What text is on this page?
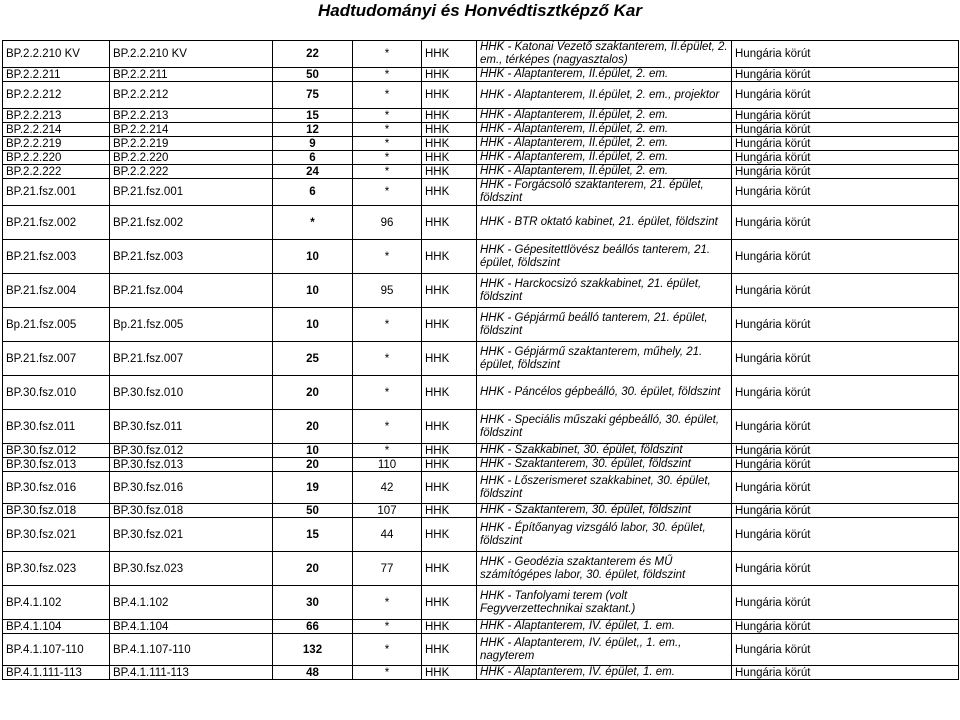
Hadtudományi és Honvédtisztképző Kar
BP.2.2.210 KV	BP.2.2.210 KV	22	*	HHK	HHK - Katonai Vezető szaktanterem, II.épület, 2. em., térképes (nagyasztalos)	Hungária körút
BP.2.2.211	BP.2.2.211	50	*	HHK	HHK - Alaptanterem, II.épület, 2. em.	Hungária körút
BP.2.2.212	BP.2.2.212	75	*	HHK	HHK - Alaptanterem, II.épület, 2. em., projektor	Hungária körút
BP.2.2.213	BP.2.2.213	15	*	HHK	HHK - Alaptanterem, II.épület, 2. em.	Hungária körút
BP.2.2.214	BP.2.2.214	12	*	HHK	HHK - Alaptanterem, II.épület, 2. em.	Hungária körút
BP.2.2.219	BP.2.2.219	9	*	HHK	HHK - Alaptanterem, II.épület, 2. em.	Hungária körút
BP.2.2.220	BP.2.2.220	6	*	HHK	HHK - Alaptanterem, II.épület, 2. em.	Hungária körút
BP.2.2.222	BP.2.2.222	24	*	HHK	HHK - Alaptanterem, II.épület, 2. em.	Hungária körút
BP.21.fsz.001	BP.21.fsz.001	6	*	HHK	HHK - Forgácsoló szaktanterem, 21. épület, földszint	Hungária körút
BP.21.fsz.002	BP.21.fsz.002	*	96	HHK	HHK - BTR oktató kabinet, 21. épület, földszint	Hungária körút
BP.21.fsz.003	BP.21.fsz.003	10	*	HHK	HHK - Gépesitettlövész beállós tanterem, 21. épület, földszint	Hungária körút
BP.21.fsz.004	BP.21.fsz.004	10	95	HHK	HHK - Harckocsizó szakkabinet, 21. épület, földszint	Hungária körút
Bp.21.fsz.005	Bp.21.fsz.005	10	*	HHK	HHK - Gépjármű beálló tanterem, 21. épület, földszint	Hungária körút
BP.21.fsz.007	BP.21.fsz.007	25	*	HHK	HHK - Gépjármű szaktanterem, műhely, 21. épület, földszint	Hungária körút
BP.30.fsz.010	BP.30.fsz.010	20	*	HHK	HHK - Páncélos gépbeálló, 30. épület, földszint	Hungária körút
BP.30.fsz.011	BP.30.fsz.011	20	*	HHK	HHK - Speciális műszaki gépbeálló, 30. épület, földszint	Hungária körút
BP.30.fsz.012	BP.30.fsz.012	10	*	HHK	HHK - Szakkabinet, 30. épület, földszint	Hungária körút
BP.30.fsz.013	BP.30.fsz.013	20	110	HHK	HHK - Szaktanterem, 30. épület, földszint	Hungária körút
BP.30.fsz.016	BP.30.fsz.016	19	42	HHK	HHK - Lőszerismeret szakkabinet, 30. épület, földszint	Hungária körút
BP.30.fsz.018	BP.30.fsz.018	50	107	HHK	HHK - Szaktanterem, 30. épület, földszint	Hungária körút
BP.30.fsz.021	BP.30.fsz.021	15	44	HHK	HHK - Építőanyag vizsgáló labor, 30. épület, földszint	Hungária körút
BP.30.fsz.023	BP.30.fsz.023	20	77	HHK	HHK - Geodézia szaktanterem és MŰ számítógépes labor, 30. épület, földszint	Hungária körút
BP.4.1.102	BP.4.1.102	30	*	HHK	HHK - Tanfolyami terem (volt Fegyverzettechnikai szaktant.)	Hungária körút
BP.4.1.104	BP.4.1.104	66	*	HHK	HHK - Alaptanterem, IV. épület, 1. em.	Hungária körút
BP.4.1.107-110	BP.4.1.107-110	132	*	HHK	HHK - Alaptanterem, IV. épület,, 1. em., nagyterem	Hungária körút
BP.4.1.111-113	BP.4.1.111-113	48	*	HHK	HHK - Alaptanterem, IV. épület, 1. em.	Hungária körút
